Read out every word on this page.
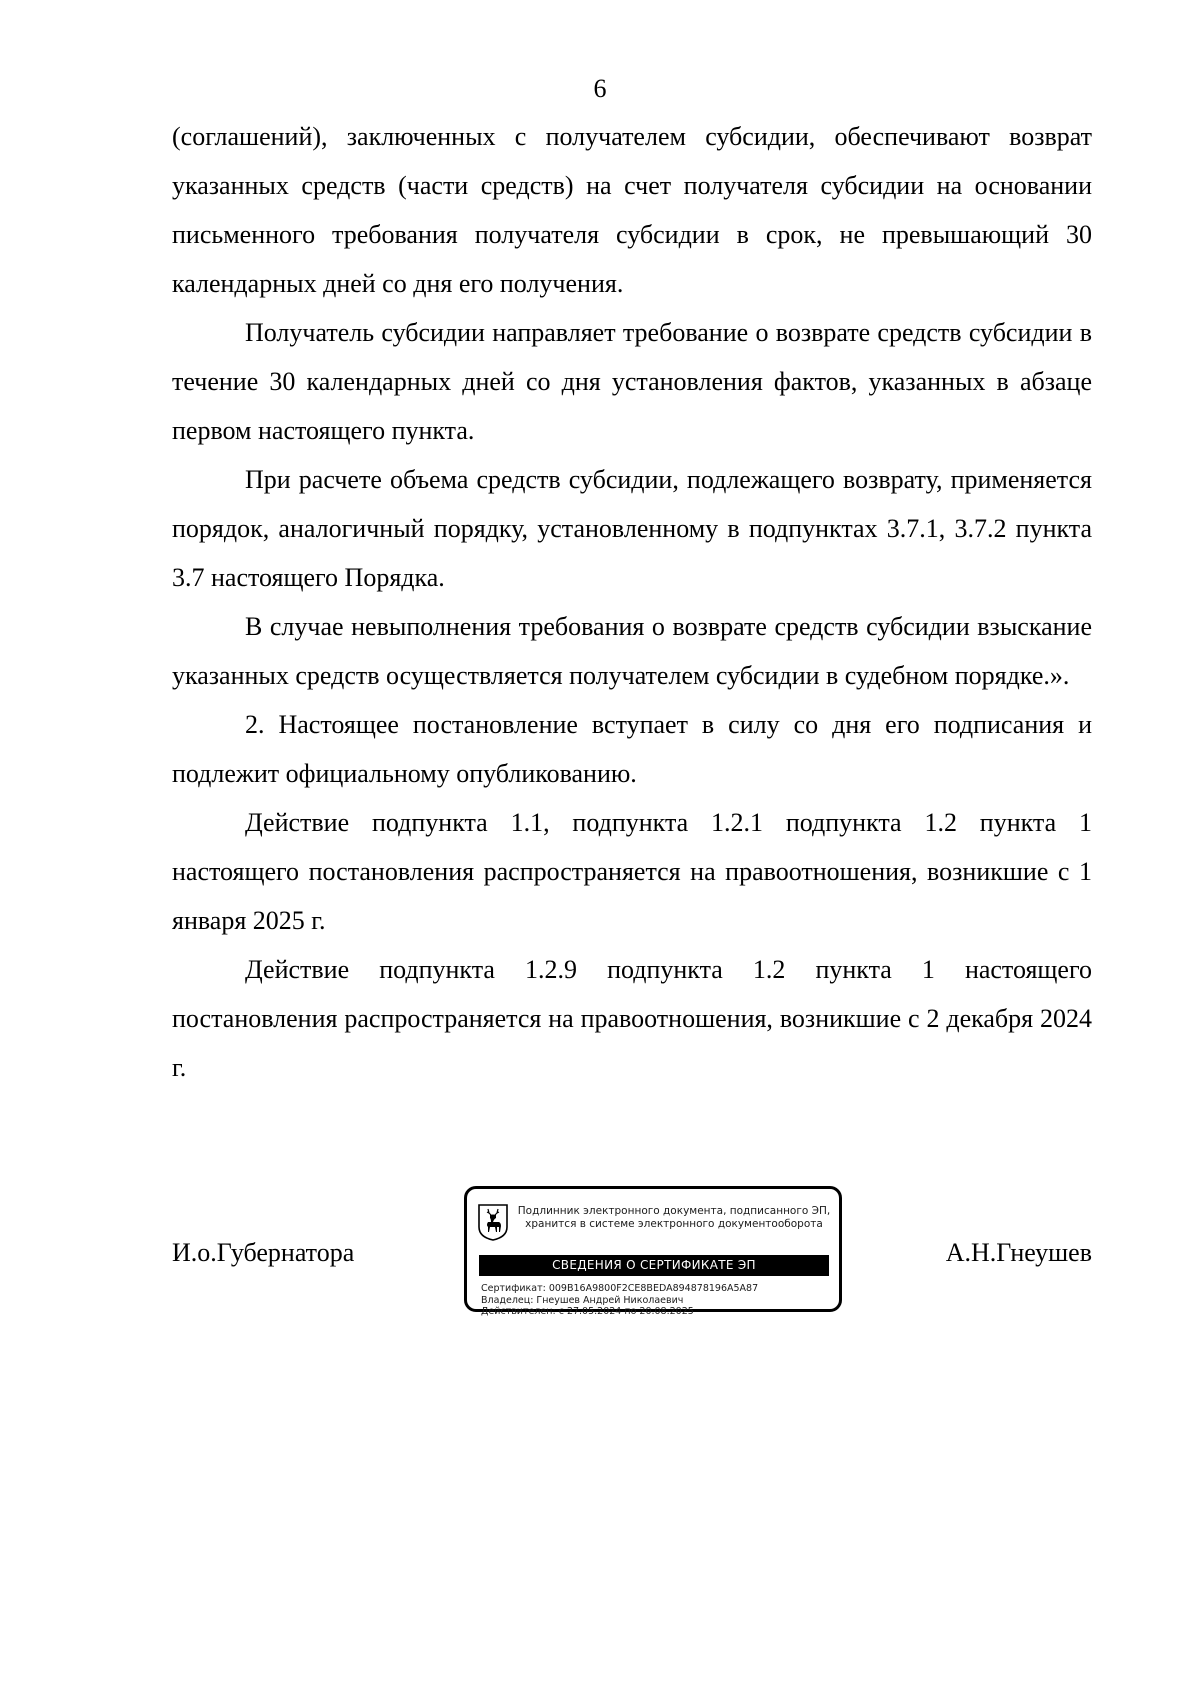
6

(соглашений), заключенных с получателем субсидии, обеспечивают возврат указанных средств (части средств) на счет получателя субсидии на основании письменного требования получателя субсидии в срок, не превышающий 30 календарных дней со дня его получения.

Получатель субсидии направляет требование о возврате средств субсидии в течение 30 календарных дней со дня установления фактов, указанных в абзаце первом настоящего пункта.

При расчете объема средств субсидии, подлежащего возврату, применяется порядок, аналогичный порядку, установленному в подпунктах 3.7.1, 3.7.2 пункта 3.7 настоящего Порядка.

В случае невыполнения требования о возврате средств субсидии взыскание указанных средств осуществляется получателем субсидии в судебном порядке.».

2. Настоящее постановление вступает в силу со дня его подписания и подлежит официальному опубликованию.

Действие подпункта 1.1, подпункта 1.2.1 подпункта 1.2 пункта 1 настоящего постановления распространяется на правоотношения, возникшие с 1 января 2025 г.

Действие подпункта 1.2.9 подпункта 1.2 пункта 1 настоящего постановления распространяется на правоотношения, возникшие с 2 декабря 2024 г.

И.о.Губернатора
Подлинник электронного документа, подписанного ЭП,
хранится в системе электронного документооборота
СВЕДЕНИЯ О СЕРТИФИКАТЕ ЭП
Сертификат: 009B16A9800F2CE8BEDA894878196A5A87
Владелец: Гнеушев Андрей Николаевич
Действителен: с 27.05.2024 по 20.08.2025
А.Н.Гнеушев
